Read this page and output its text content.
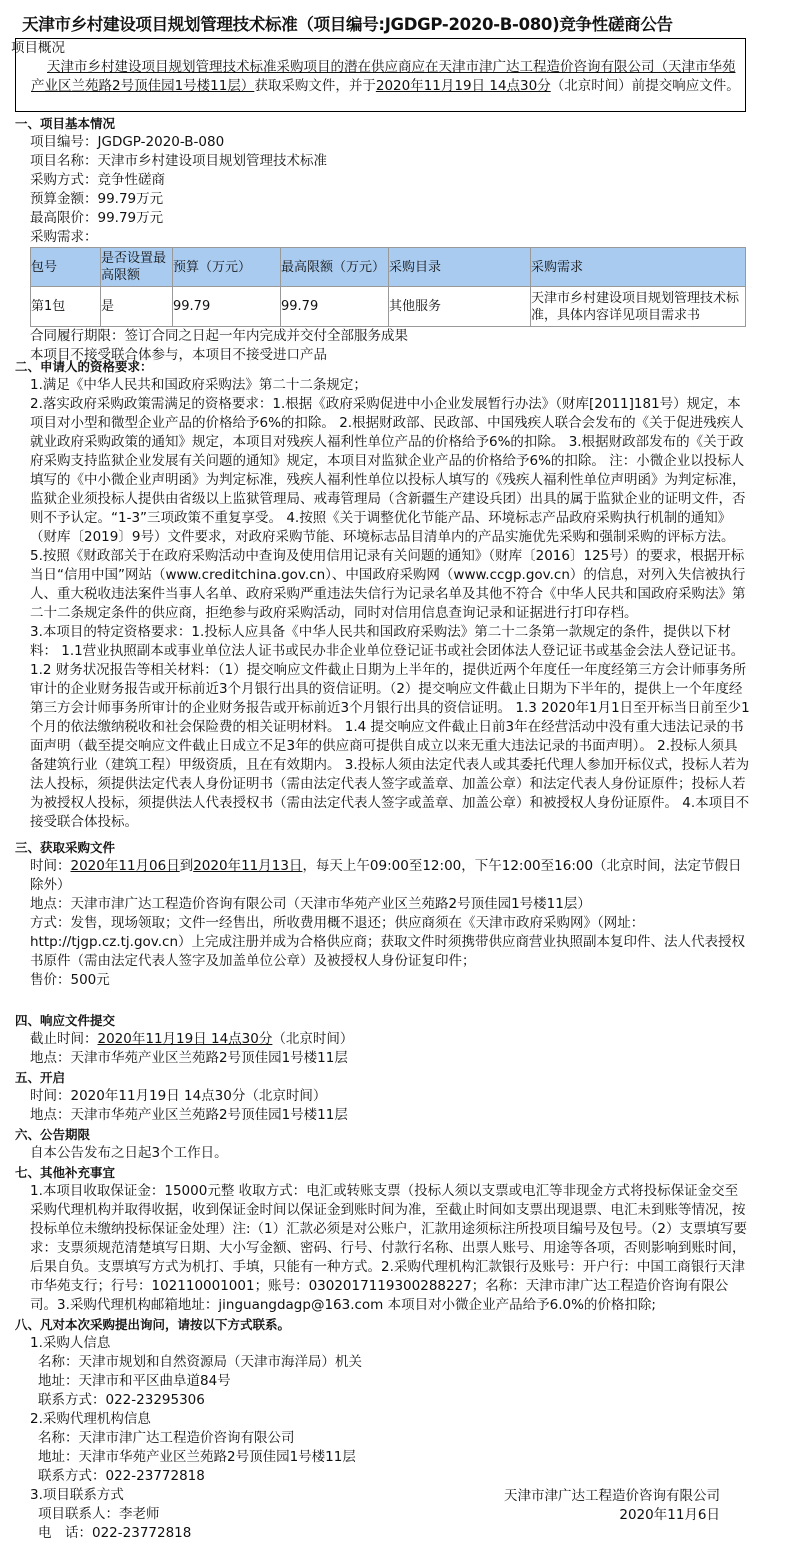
天津市乡村建设项目规划管理技术标准（项目编号:JGDGP-2020-B-080)竞争性磋商公告
项目概况
天津市乡村建设项目规划管理技术标准采购项目的潜在供应商应在天津市津广达工程造价咨询有限公司（天津市华苑产业区兰苑路2号顶佳园1号楼11层）获取采购文件，并于2020年11月19日 14点30分（北京时间）前提交响应文件。
一、项目基本情况
项目编号：JGDGP-2020-B-080
项目名称：天津市乡村建设项目规划管理技术标准
采购方式：竞争性磋商
预算金额：99.79万元
最高限价：99.79万元
采购需求：
包号	是否设置最高限额	预算（万元）	最高限额（万元）	采购目录	采购需求
第1包	是	99.79	99.79	其他服务	天津市乡村建设项目规划管理技术标准，具体内容详见项目需求书
合同履行期限：签订合同之日起一年内完成并交付全部服务成果
本项目不接受联合体参与，本项目不接受进口产品
二、申请人的资格要求：
1.满足《中华人民共和国政府采购法》第二十二条规定；
2.落实政府采购政策需满足的资格要求：1.根据《政府采购促进中小企业发展暂行办法》（财库[2011]181号）规定，本项目对小型和微型企业产品的价格给予6%的扣除。 2.根据财政部、民政部、中国残疾人联合会发布的《关于促进残疾人就业政府采购政策的通知》规定，本项目对残疾人福利性单位产品的价格给予6%的扣除。 3.根据财政部发布的《关于政府采购支持监狱企业发展有关问题的通知》规定，本项目对监狱企业产品的价格给予6%的扣除。 注：小微企业以投标人填写的《中小微企业声明函》为判定标准，残疾人福利性单位以投标人填写的《残疾人福利性单位声明函》为判定标准，监狱企业须投标人提供由省级以上监狱管理局、戒毒管理局（含新疆生产建设兵团）出具的属于监狱企业的证明文件，否则不予认定。“1-3”三项政策不重复享受。 4.按照《关于调整优化节能产品、环境标志产品政府采购执行机制的通知》（财库〔2019〕9号）文件要求，对政府采购节能、环境标志品目清单内的产品实施优先采购和强制采购的评标方法。 5.按照《财政部关于在政府采购活动中查询及使用信用记录有关问题的通知》（财库〔2016〕125号）的要求，根据开标当日“信用中国”网站（www.creditchina.gov.cn）、中国政府采购网（www.ccgp.gov.cn）的信息，对列入失信被执行人、重大税收违法案件当事人名单、政府采购严重违法失信行为记录名单及其他不符合《中华人民共和国政府采购法》第二十二条规定条件的供应商，拒绝参与政府采购活动，同时对信用信息查询记录和证据进行打印存档。
3.本项目的特定资格要求：1.投标人应具备《中华人民共和国政府采购法》第二十二条第一款规定的条件，提供以下材料： 1.1营业执照副本或事业单位法人证书或民办非企业单位登记证书或社会团体法人登记证书或基金会法人登记证书。 1.2 财务状况报告等相关材料：（1）提交响应文件截止日期为上半年的，提供近两个年度任一年度经第三方会计师事务所审计的企业财务报告或开标前近3个月银行出具的资信证明。（2）提交响应文件截止日期为下半年的，提供上一个年度经第三方会计师事务所审计的企业财务报告或开标前近3个月银行出具的资信证明。 1.3 2020年1月1日至开标当日前至少1个月的依法缴纳税收和社会保险费的相关证明材料。 1.4 提交响应文件截止日前3年在经营活动中没有重大违法记录的书面声明（截至提交响应文件截止日成立不足3年的供应商可提供自成立以来无重大违法记录的书面声明）。 2.投标人须具备建筑行业（建筑工程）甲级资质，且在有效期内。 3.投标人须由法定代表人或其委托代理人参加开标仪式，投标人若为法人投标，须提供法定代表人身份证明书（需由法定代表人签字或盖章、加盖公章）和法定代表人身份证原件；投标人若为被授权人投标，须提供法人代表授权书（需由法定代表人签字或盖章、加盖公章）和被授权人身份证原件。 4.本项目不接受联合体投标。
三、获取采购文件
时间：2020年11月06日到2020年11月13日，每天上午09:00至12:00，下午12:00至16:00（北京时间，法定节假日除外）
地点：天津市津广达工程造价咨询有限公司（天津市华苑产业区兰苑路2号顶佳园1号楼11层）
方式：发售，现场领取；文件一经售出，所收费用概不退还；供应商须在《天津市政府采购网》（网址：http://tjgp.cz.tj.gov.cn）上完成注册并成为合格供应商；获取文件时须携带供应商营业执照副本复印件、法人代表授权书原件（需由法定代表人签字及加盖单位公章）及被授权人身份证复印件；
售价：500元
四、响应文件提交
截止时间：2020年11月19日 14点30分（北京时间）
地点：天津市华苑产业区兰苑路2号顶佳园1号楼11层
五、开启
时间：2020年11月19日 14点30分（北京时间）
地点：天津市华苑产业区兰苑路2号顶佳园1号楼11层
六、公告期限
自本公告发布之日起3个工作日。
七、其他补充事宜
1.本项目收取保证金：15000元整 收取方式：电汇或转账支票（投标人须以支票或电汇等非现金方式将投标保证金交至采购代理机构并取得收据，收到保证金时间以保证金到账时间为准，至截止时间如支票出现退票、电汇未到账等情况，按投标单位未缴纳投标保证金处理）注:（1）汇款必须是对公账户，汇款用途须标注所投项目编号及包号。（2）支票填写要求：支票须规范清楚填写日期、大小写金额、密码、行号、付款行名称、出票人账号、用途等各项，否则影响到账时间，后果自负。支票填写方式为机打、手填，只能有一种方式。2.采购代理机构汇款银行及账号：开户行：中国工商银行天津市华苑支行；行号：102110001001；账号：0302017119300288227；名称：天津市津广达工程造价咨询有限公司。3.采购代理机构邮箱地址：jinguangdagp@163.com 本项目对小微企业产品给予6.0%的价格扣除;
八、凡对本次采购提出询问，请按以下方式联系。
1.采购人信息
名称：天津市规划和自然资源局（天津市海洋局）机关
地址：天津市和平区曲阜道84号
联系方式：022-23295306
2.采购代理机构信息
名称：天津市津广达工程造价咨询有限公司
地址：天津市华苑产业区兰苑路2号顶佳园1号楼11层
联系方式：022-23772818
3.项目联系方式
项目联系人：李老师
电　话：022-23772818
天津市津广达工程造价咨询有限公司
2020年11月6日
